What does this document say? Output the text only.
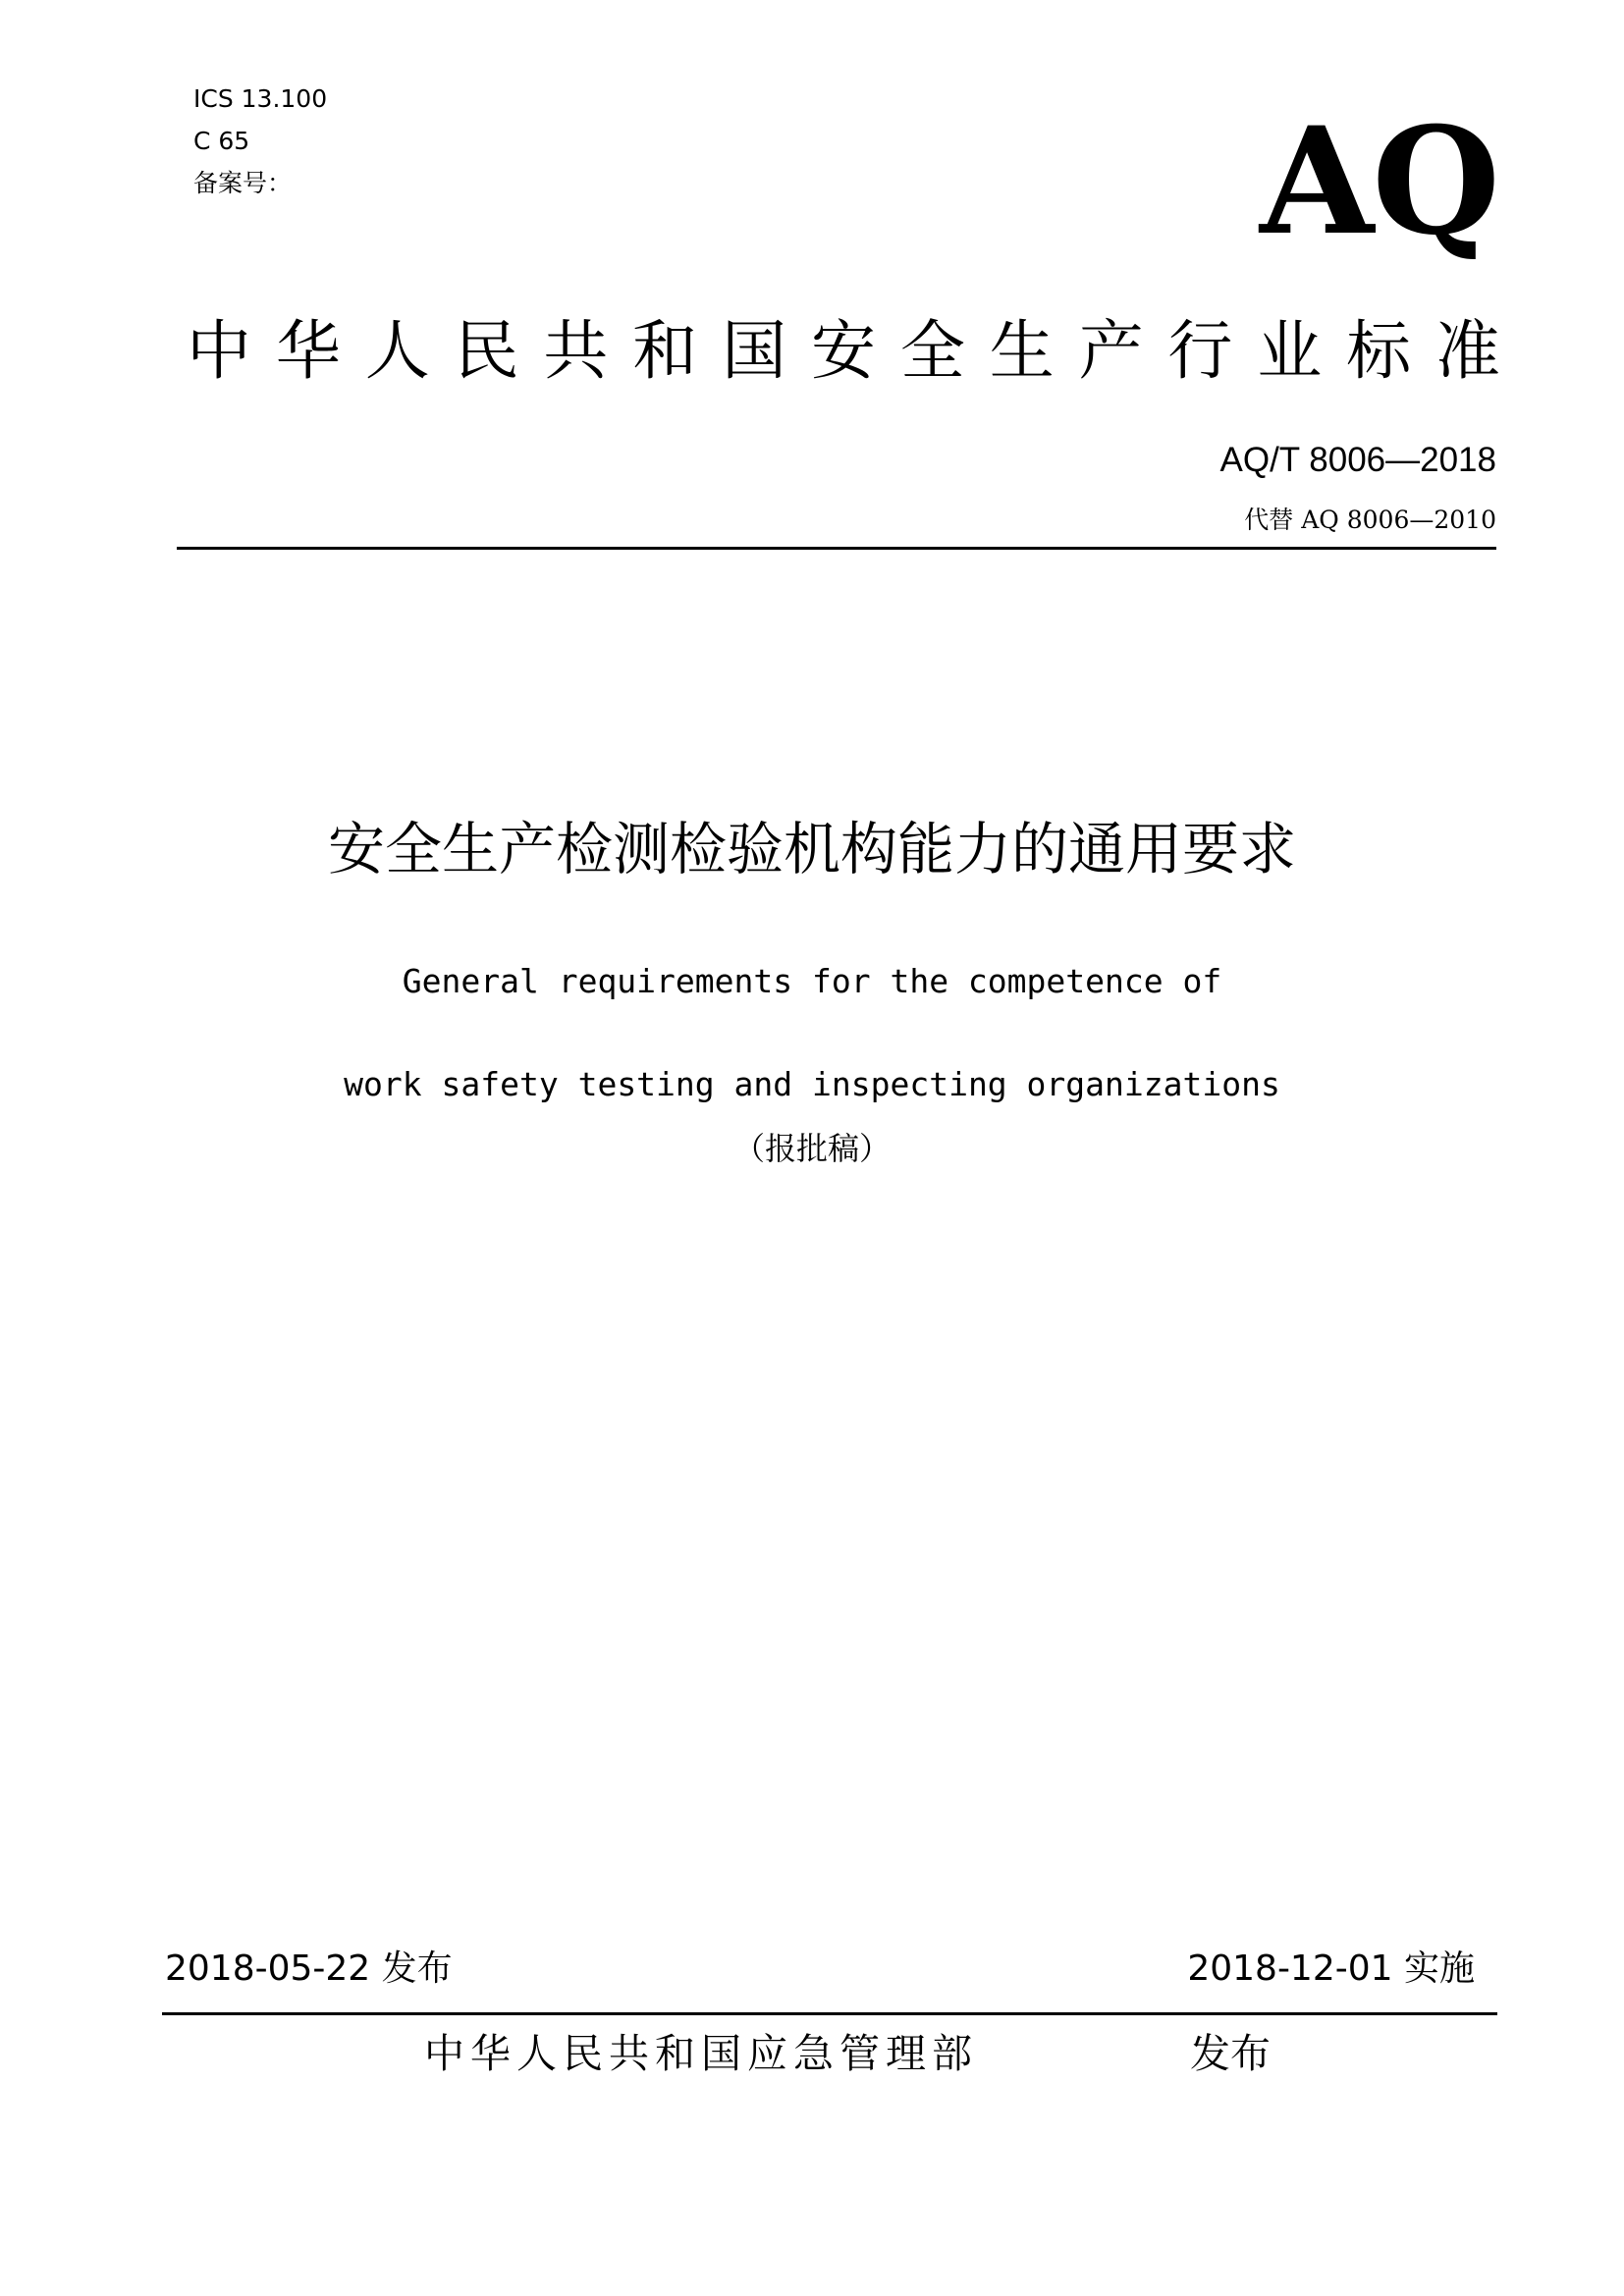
ICS 13.100
C 65
备案号：	AQ
中华人民共和国安全生产行业标准
AQ/T 8006—2018
代替 AQ 8006—2010
安全生产检测检验机构能力的通用要求
General requirements for the competence of
work safety testing and inspecting organizations
（报批稿）
2018-05-22 发布	2018-12-01 实施
中华人民共和国应急管理部	发布
